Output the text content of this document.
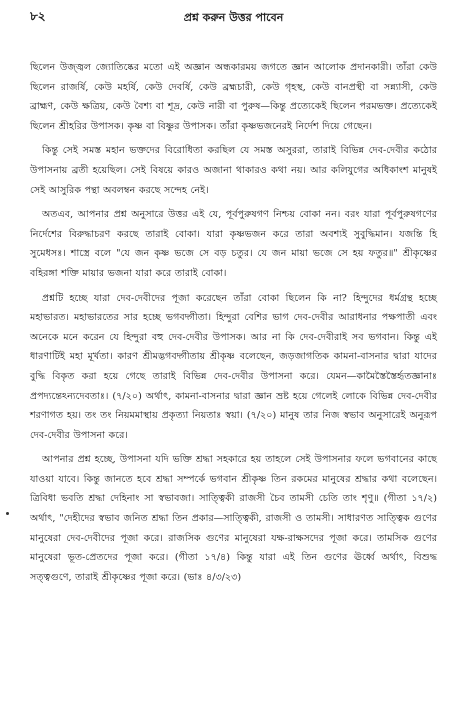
৮২	প্রশ্ন করুন উত্তর পাবেন

ছিলেন উজ্জ্বল জ্যোতিষ্কের মতো এই অজ্ঞান অন্ধকারময় জগতে জ্ঞান আলোক প্রদানকারী। তাঁরা কেউ ছিলেন রাজর্ষি, কেউ মহর্ষি, কেউ দেবর্ষি, কেউ ব্রহ্মচারী, কেউ গৃহস্থ, কেউ বানপ্রস্থী বা সন্ন্যাসী, কেউ ব্রাহ্মণ, কেউ ক্ষত্রিয়, কেউ বৈশ্য বা শূদ্র, কেউ নারী বা পুরুষ—কিন্তু প্রত্যেকেই ছিলেন পরমভক্ত। প্রত্যেকেই ছিলেন শ্রীহরির উপাসক। কৃষ্ণ বা বিষ্ণুর উপাসক। তাঁরা কৃষ্ণভজনেরই নির্দেশ দিয়ে গেছেন।

কিন্তু সেই সমস্ত মহান ভক্তদের বিরোধিতা করছিল যে সমস্ত অসুররা, তারাই বিভিন্ন দেব-দেবীর কঠোর উপাসনায় ব্রতী হয়েছিল। সেই বিষয়ে কারও অজানা থাকারও কথা নয়। আর কলিযুগের অধিকাংশ মানুষই সেই আসুরিক পন্থা অবলম্বন করছে সন্দেহ নেই।

অতএব, আপনার প্রশ্ন অনুসারে উত্তর এই যে, পূর্বপুরুষগণ নিশ্চয় বোকা নন। বরং যারা পূর্বপুরুষগণের নির্দেশের বিরুদ্ধাচরণ করছে তারাই বোকা। যারা কৃষ্ণভজন করে তারা অবশ্যই সুবুদ্ধিমান। যজন্তি হি সুমেধসঃ। শাস্ত্রে বলে "যে জন কৃষ্ণ ভজে সে বড় চতুর। যে জন মায়া ভজে সে হয় ফতুর॥" শ্রীকৃষ্ণের বহিরঙ্গা শক্তি মায়ার ভজনা যারা করে তারাই বোকা।

প্রশ্নটি হচ্ছে যারা দেব-দেবীদের পূজা করেছেন তাঁরা বোকা ছিলেন কি না? হিন্দুদের ধর্মগ্রন্থ হচ্ছে মহাভারত। মহাভারতের সার হচ্ছে ভগবদ্গীতা। হিন্দুরা বেশির ভাগ দেব-দেবীর আরাধনার পক্ষপাতী এবং অনেকে মনে করেন যে হিন্দুরা বহু দেব-দেবীর উপাসক। আর না কি দেব-দেবীরাই সব ভগবান। কিন্তু এই ধারণাটিই মহা মূর্খতা। কারণ শ্রীমদ্ভগবদ্গীতায় শ্রীকৃষ্ণ বলেছেন, জড়জাগতিক কামনা-বাসনার দ্বারা যাদের বুদ্ধি বিকৃত করা হয়ে গেছে তারাই বিভিন্ন দেব-দেবীর উপাসনা করে। যেমন—কামৈস্তৈস্তৈর্হৃতজ্ঞানাঃ প্রপদ্যন্তেঽন্যদেবতাঃ। (৭/২০) অর্থাৎ, কামনা-বাসনার দ্বারা জ্ঞান ভ্রষ্ট হয়ে গেলেই লোকে বিভিন্ন দেব-দেবীর শরণাগত হয়। তং তং নিয়মমাস্থায় প্রকৃত্যা নিয়তাঃ স্বয়া। (৭/২০) মানুষ তার নিজ স্বভাব অনুসারেই অনুরূপ দেব-দেবীর উপাসনা করে।

আপনার প্রশ্ন হচ্ছে, উপাসনা যদি ভক্তি শ্রদ্ধা সহকারে হয় তাহলে সেই উপাসনার ফলে ভগবানের কাছে যাওয়া যাবে। কিন্তু জানতে হবে শ্রদ্ধা সম্পর্কে ভগবান শ্রীকৃষ্ণ তিন রকমের মানুষের শ্রদ্ধার কথা বলেছেন। ত্রিবিধা ভবতি শ্রদ্ধা দেহিনাং সা স্বভাবজা। সাত্ত্বিকী রাজসী চৈব তামসী চেতি তাং শৃণু॥ (গীতা ১৭/২) অর্থাৎ, "দেহীদের স্বভাব জনিত শ্রদ্ধা তিন প্রকার—সাত্ত্বিকী, রাজসী ও তামসী। সাধারণত সাত্ত্বিক গুণের মানুষেরা দেব-দেবীদের পূজা করে। রাজসিক গুণের মানুষেরা যক্ষ-রাক্ষসদের পূজা করে। তামসিক গুণের মানুষেরা ভূত-প্রেতদের পূজা করে। (গীতা ১৭/৪) কিন্তু যারা এই তিন গুণের ঊর্ধ্বে অর্থাৎ, বিশুদ্ধ সত্ত্বগুণে, তারাই শ্রীকৃষ্ণের পূজা করে। (ভাঃ ৪/৩/২৩)
